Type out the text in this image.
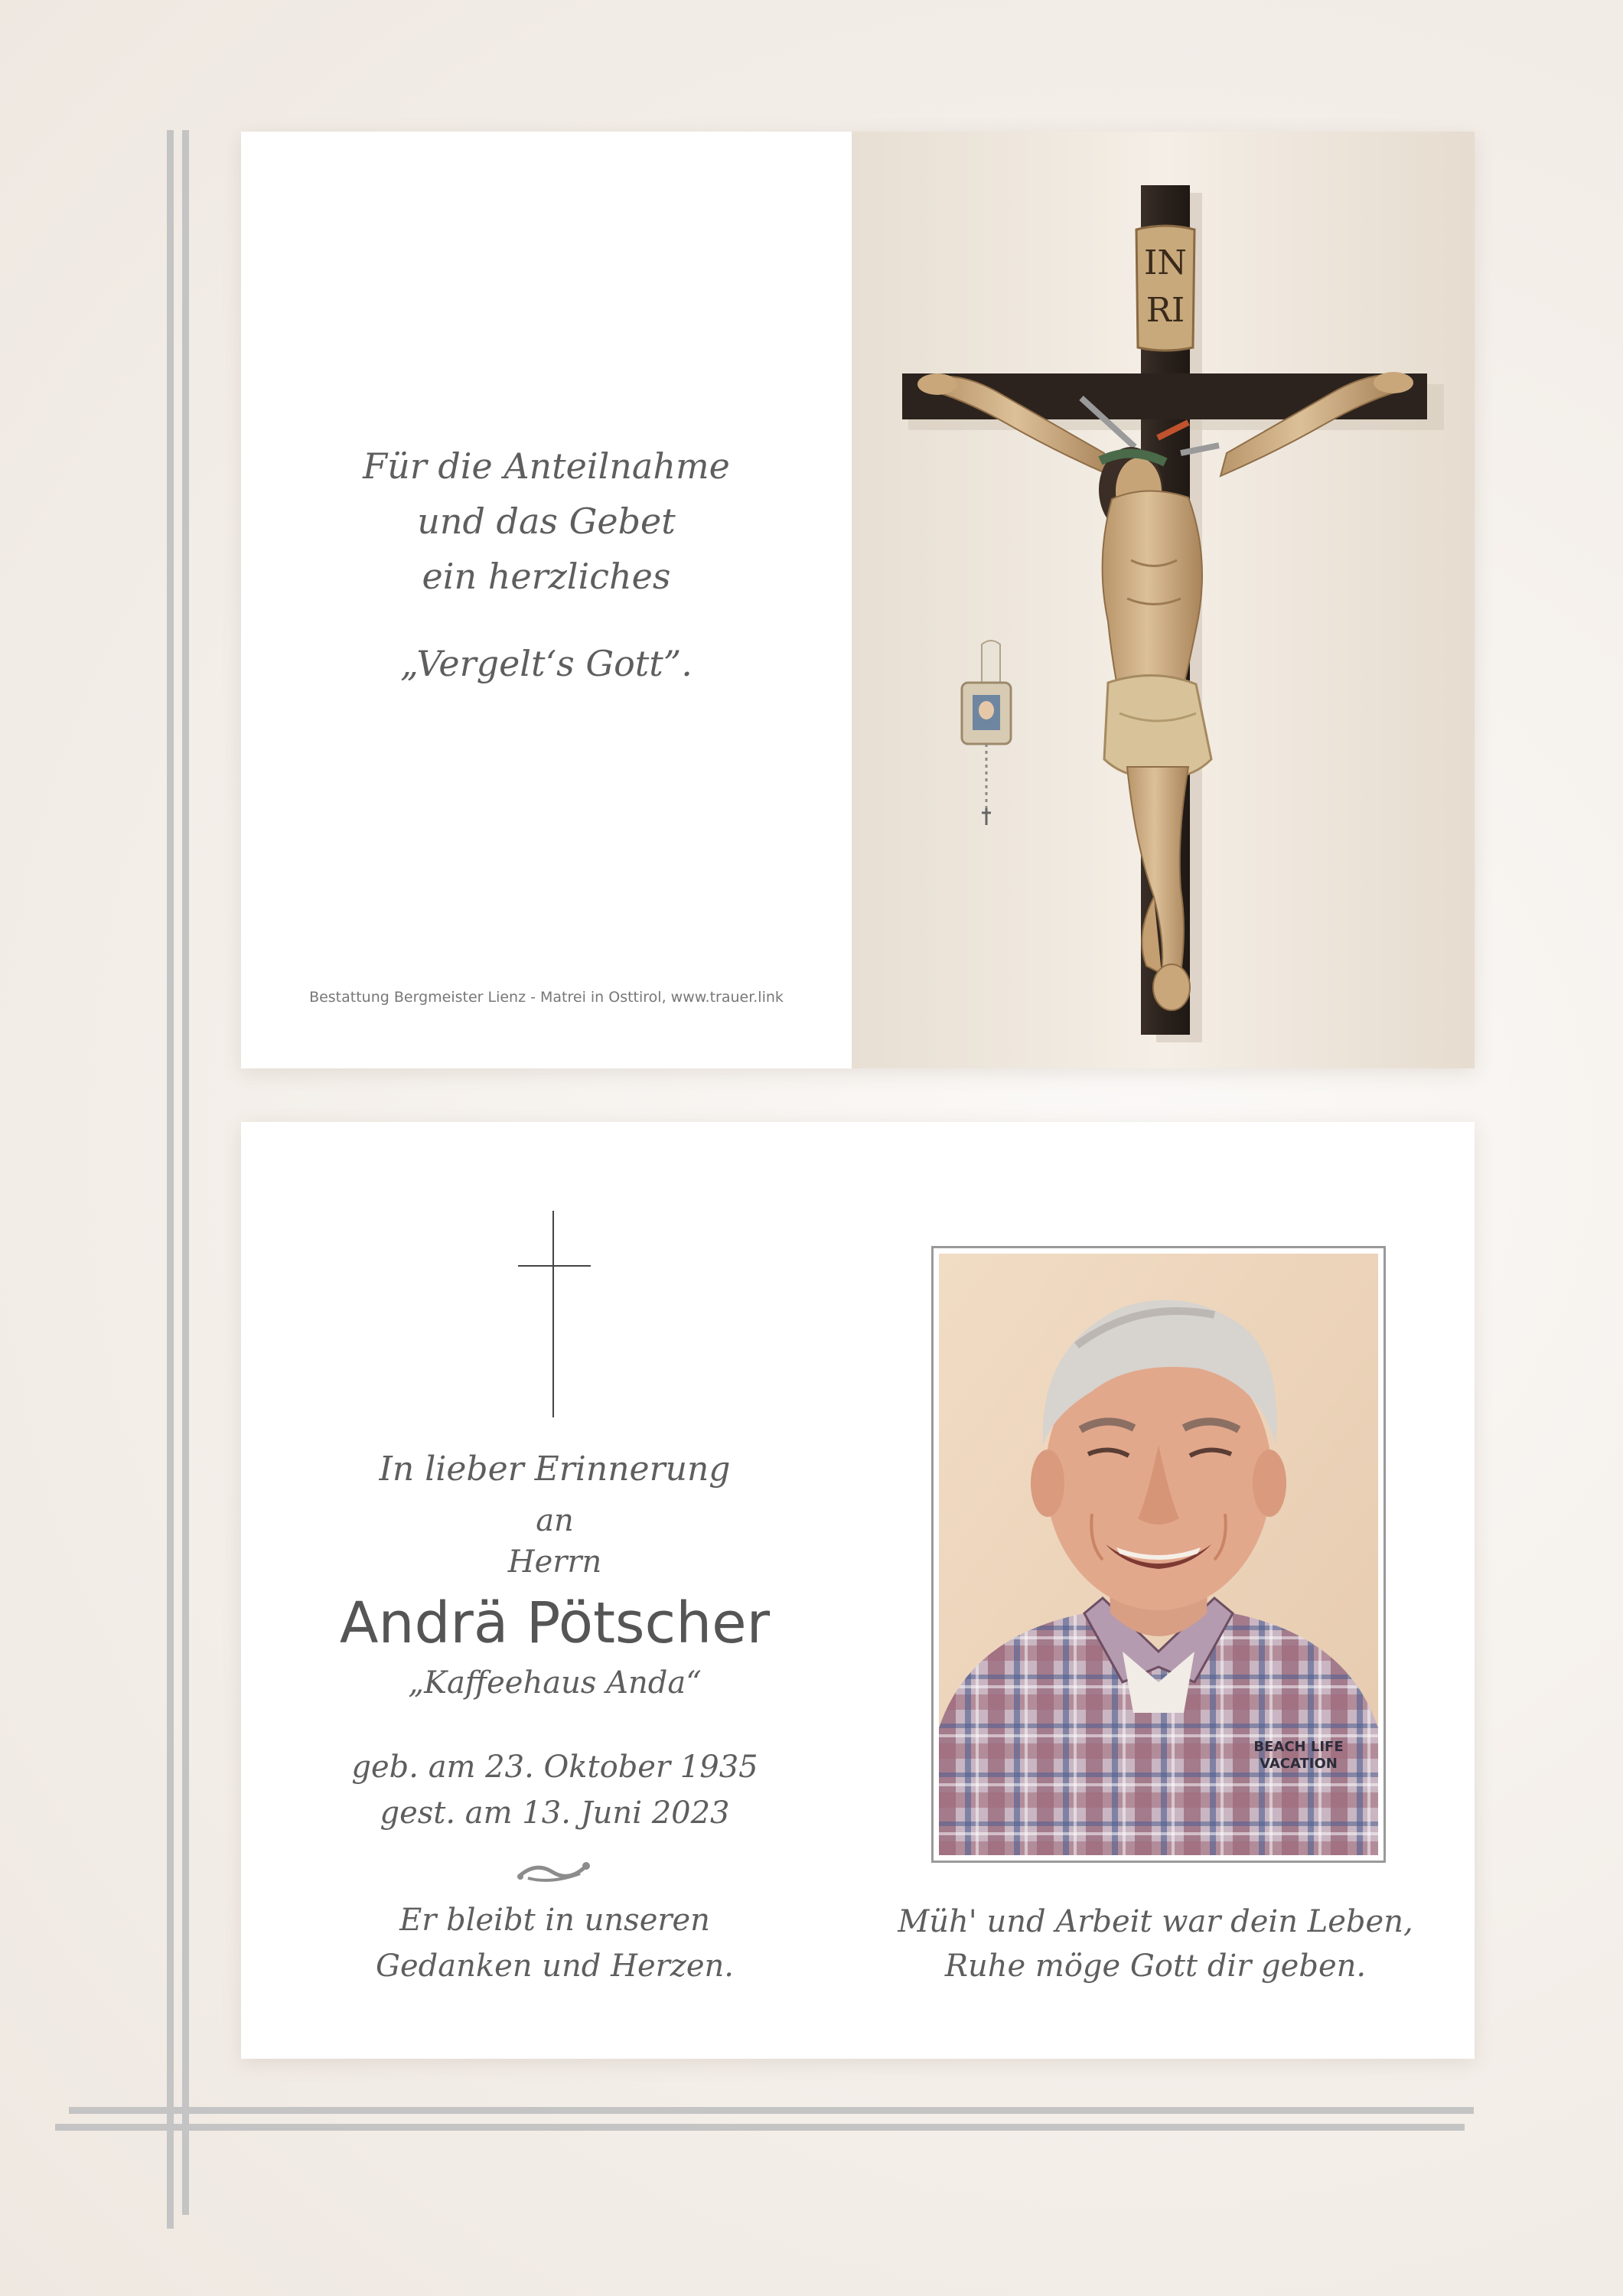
Für die Anteilnahme
und das Gebet
ein herzliches
„Vergelt‘s Gott”.
Bestattung Bergmeister Lienz - Matrei in Osttirol, www.trauer.link
IN
RI
In lieber Erinnerung
an
Herrn
Andrä Pötscher
„Kaffeehaus Anda“
geb. am 23. Oktober 1935
gest. am 13. Juni 2023
Er bleibt in unseren
Gedanken und Herzen.
BEACH LIFE
VACATION
Müh' und Arbeit war dein Leben,
Ruhe möge Gott dir geben.
